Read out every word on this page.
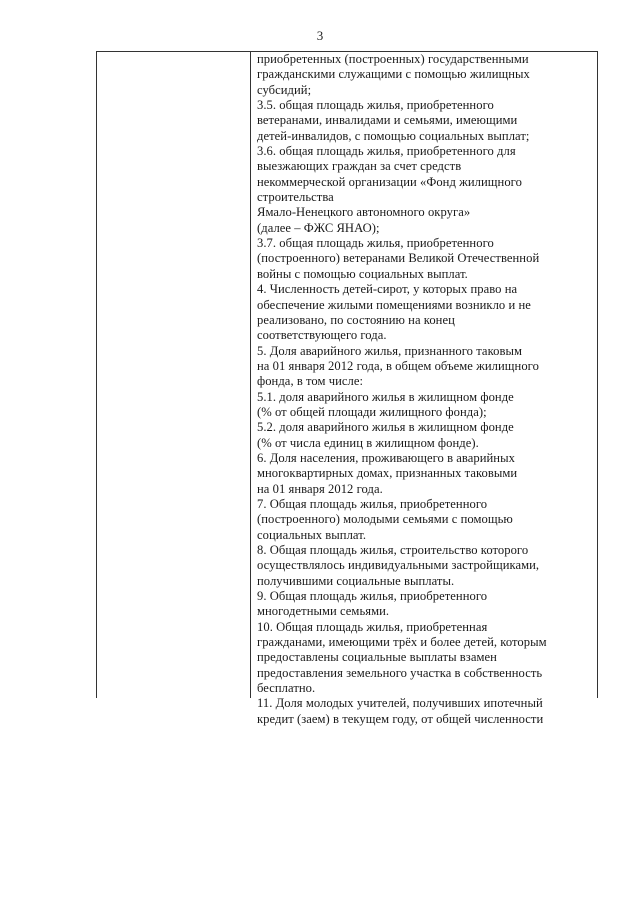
3
приобретенных (построенных) государственными
гражданскими служащими с помощью жилищных
субсидий;
3.5. общая площадь жилья, приобретенного
ветеранами, инвалидами и семьями, имеющими
детей-инвалидов, с помощью социальных выплат;
3.6. общая площадь жилья, приобретенного для
выезжающих граждан за счет средств
некоммерческой организации «Фонд жилищного
строительства
Ямало-Ненецкого автономного округа»
(далее – ФЖС ЯНАО);
3.7. общая площадь жилья, приобретенного
(построенного) ветеранами Великой Отечественной
войны с помощью социальных выплат.
4. Численность детей-сирот, у которых право на
обеспечение жилыми помещениями возникло и не
реализовано, по состоянию на конец
соответствующего года.
5. Доля аварийного жилья, признанного таковым
на 01 января 2012 года, в общем объеме жилищного
фонда, в том числе:
5.1. доля аварийного жилья в жилищном фонде
(% от общей площади жилищного фонда);
5.2. доля аварийного жилья в жилищном фонде
(% от числа единиц в жилищном фонде).
6. Доля населения, проживающего в аварийных
многоквартирных домах, признанных таковыми
на 01 января 2012 года.
7. Общая площадь жилья, приобретенного
(построенного) молодыми семьями с помощью
социальных выплат.
8. Общая площадь жилья, строительство которого
осуществлялось индивидуальными застройщиками,
получившими социальные выплаты.
9. Общая площадь жилья, приобретенного
многодетными семьями.
10. Общая площадь жилья, приобретенная
гражданами, имеющими трёх и более детей, которым
предоставлены социальные выплаты взамен
предоставления земельного участка в собственность
бесплатно.
11. Доля молодых учителей, получивших ипотечный
кредит (заем) в текущем году, от общей численности
